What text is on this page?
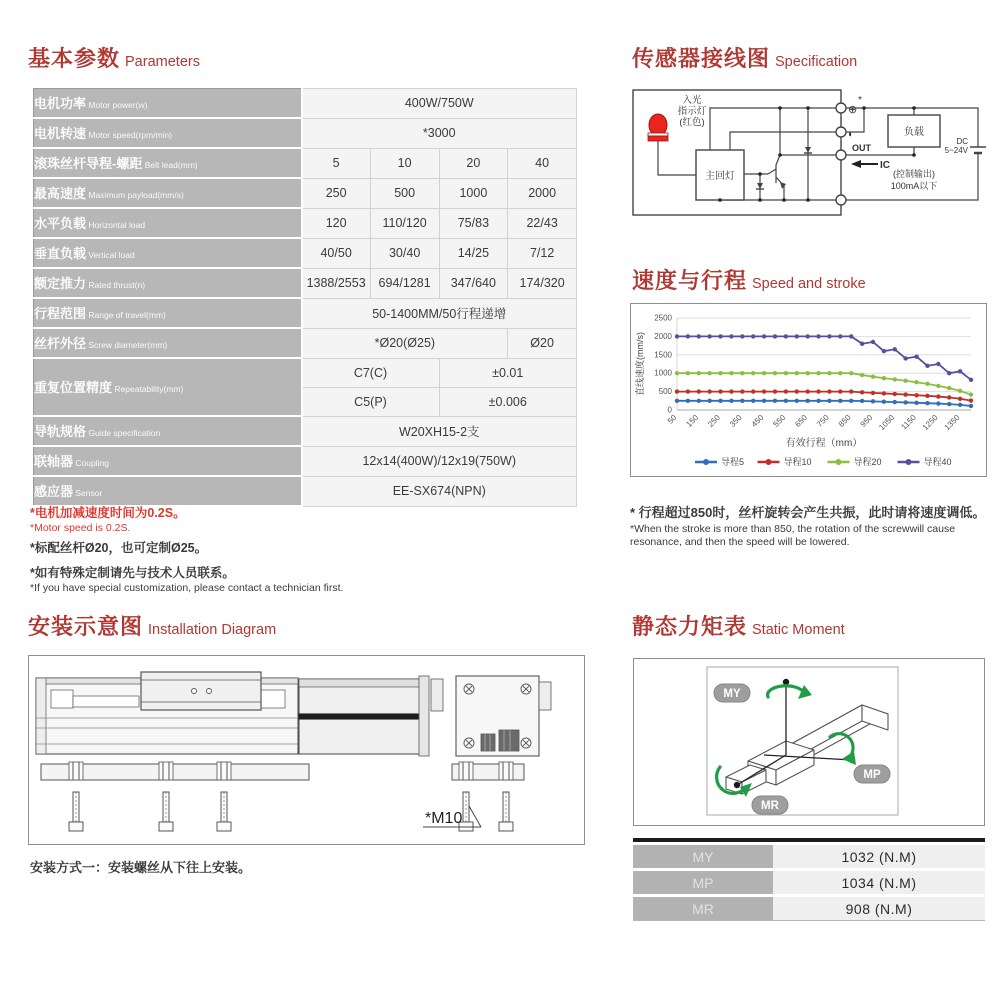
基本参数 Parameters
电机功率 Motor power(w)	400W/750W			
电机转速 Motor speed(rpm/min)	*3000			
滚珠丝杆导程-螺距 Belt lead(mm)	5	10	20	40
最高速度 Maximum payload(mm/s)	250	500	1000	2000
水平负载 Horizontal load	120	110/120	75/83	22/43
垂直负载 Vertical load	40/50	30/40	14/25	7/12
额定推力 Rated thrust(n)	1388/2553	694/1281	347/640	174/320
行程范围 Range of travel(mm)	50-1400MM/50行程递增			
丝杆外径 Screw diameter(mm)	*Ø20(Ø25)			Ø20
重复位置精度 Repeatability(mm)	C7(C)		±0.01	
	C5(P)		±0.006	
导轨规格 Guide specification	W20XH15-2支			
联轴器 Coupling	12x14(400W)/12x19(750W)			
感应器 Sensor	EE-SX674(NPN)			
*电机加减速度时间为0.2S。
*Motor speed is 0.2S.
*标配丝杆Ø20，也可定制Ø25。
*如有特殊定制请先与技术人员联系。
*If you have special customization, please contact a technician first.
传感器接线图 Specification
入光
指示灯
(红色)
主回灯
负载
⊕
*
◐
OUT
IC
(控制输出)
100mA以下
DC
5~24V
速度与行程 Speed and stroke
0
500
1000
1500
2000
2500
50 150 250 350 450 550 650 750 850 950 1050 1150 1250 1350
有效行程（mm）
直线速度(mm/s)
导程5	导程10	导程20	导程40
* 行程超过850时，丝杆旋转会产生共振，此时请将速度调低。
*When the stroke is more than 850, the rotation of the screwwill cause resonance, and then the speed will be lowered.
安装示意图 Installation Diagram
*M10
安装方式一：安装螺丝从下往上安装。
静态力矩表 Static Moment
MY
MP
MR
MY	1032 (N.M)
MP	1034 (N.M)
MR	908 (N.M)
